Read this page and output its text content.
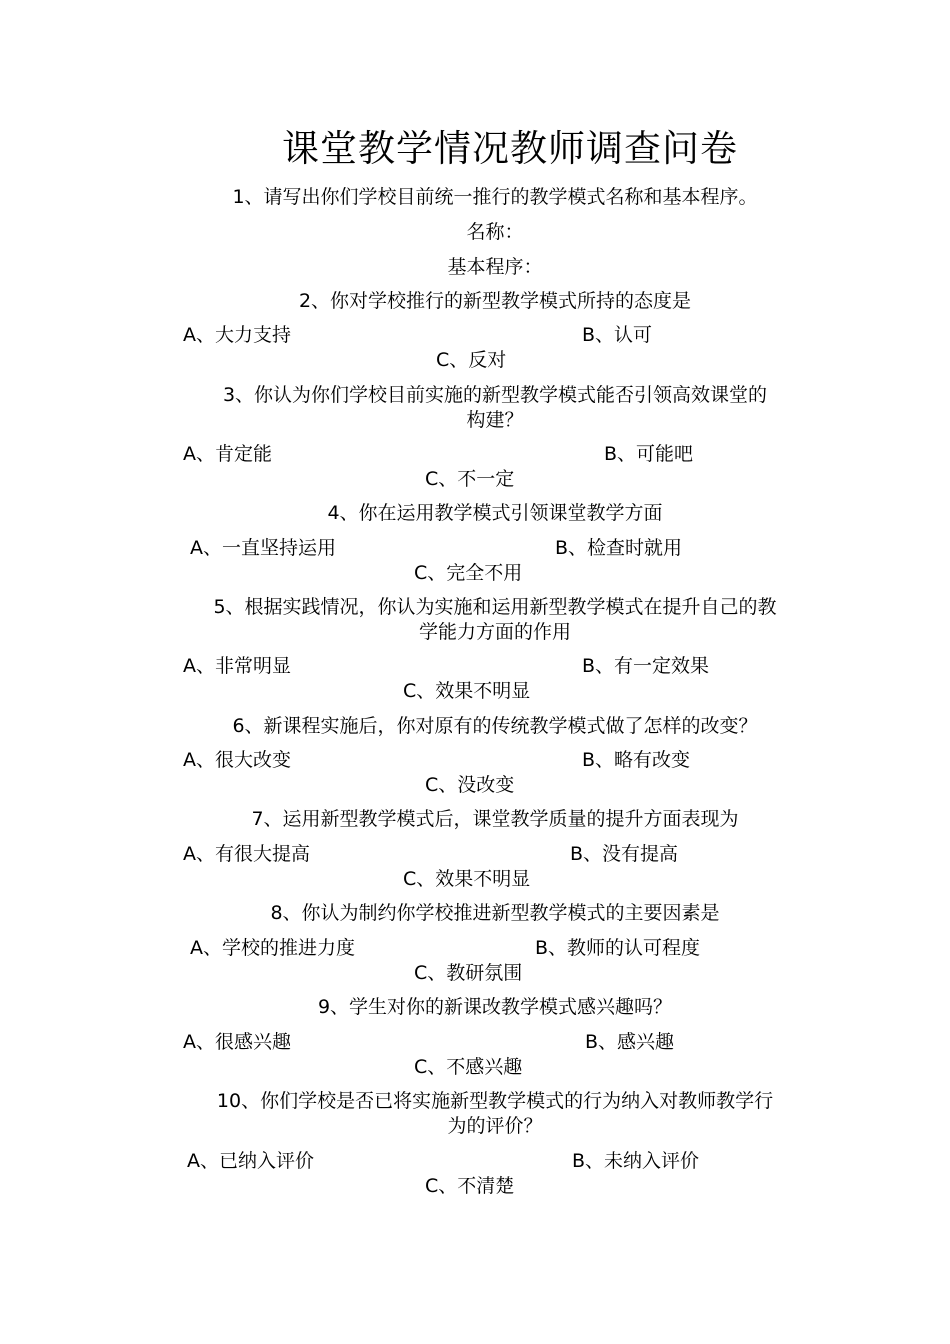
课堂教学情况教师调查问卷
1、请写出你们学校目前统一推行的教学模式名称和基本程序。
名称：
基本程序：
2、你对学校推行的新型教学模式所持的态度是
A、大力支持	B、认可
C、反对
3、你认为你们学校目前实施的新型教学模式能否引领高效课堂的
构建？
A、肯定能	B、可能吧
C、不一定
4、你在运用教学模式引领课堂教学方面
A、一直坚持运用	B、检查时就用
C、完全不用
5、根据实践情况，你认为实施和运用新型教学模式在提升自己的教
学能力方面的作用
A、非常明显	B、有一定效果
C、效果不明显
6、新课程实施后，你对原有的传统教学模式做了怎样的改变？
A、很大改变	B、略有改变
C、没改变
7、运用新型教学模式后，课堂教学质量的提升方面表现为
A、有很大提高	B、没有提高
C、效果不明显
8、你认为制约你学校推进新型教学模式的主要因素是
A、学校的推进力度	B、教师的认可程度
C、教研氛围
9、学生对你的新课改教学模式感兴趣吗？
A、很感兴趣	B、感兴趣
C、不感兴趣
10、你们学校是否已将实施新型教学模式的行为纳入对教师教学行
为的评价？
A、已纳入评价	B、未纳入评价
C、不清楚
